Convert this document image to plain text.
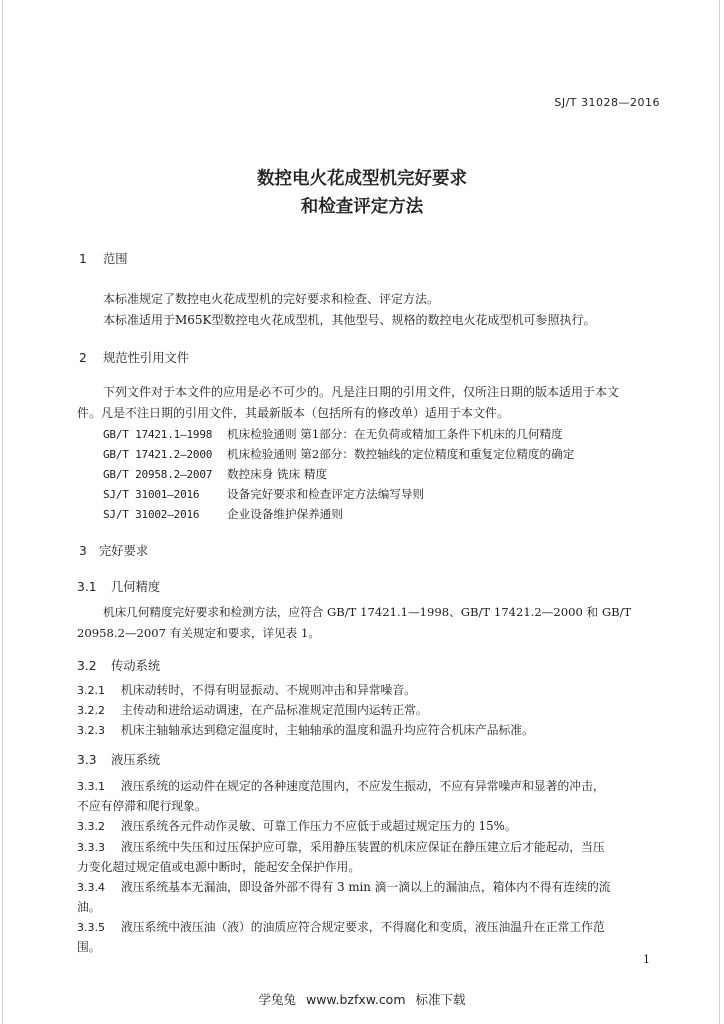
SJ/T 31028—2016
数控电火花成型机完好要求
和检查评定方法
1 范围
本标准规定了数控电火花成型机的完好要求和检查、评定方法。
本标准适用于M65K型数控电火花成型机，其他型号、规格的数控电火花成型机可参照执行。
2 规范性引用文件
下列文件对于本文件的应用是必不可少的。凡是注日期的引用文件，仅所注日期的版本适用于本文
件。凡是不注日期的引用文件，其最新版本（包括所有的修改单）适用于本文件。
GB/T 17421.1—1998 机床检验通则 第1部分：在无负荷或精加工条件下机床的几何精度
GB/T 17421.2—2000 机床检验通则 第2部分：数控轴线的定位精度和重复定位精度的确定
GB/T 20958.2—2007 数控床身 铣床 精度
SJ/T 31001—2016 设备完好要求和检查评定方法编写导则
SJ/T 31002—2016 企业设备维护保养通则
3 完好要求
3.1 几何精度
机床几何精度完好要求和检测方法，应符合 GB/T 17421.1—1998、GB/T 17421.2—2000 和 GB/T
20958.2—2007 有关规定和要求，详见表 1。
3.2 传动系统
3.2.1 机床动转时，不得有明显振动、不规则冲击和异常噪音。
3.2.2 主传动和进给运动调速，在产品标准规定范围内运转正常。
3.2.3 机床主轴轴承达到稳定温度时，主轴轴承的温度和温升均应符合机床产品标准。
3.3 液压系统
3.3.1 液压系统的运动件在规定的各种速度范围内，不应发生振动，不应有异常噪声和显著的冲击，
不应有停滞和爬行现象。
3.3.2 液压系统各元件动作灵敏、可靠工作压力不应低于或超过规定压力的 15%。
3.3.3 液压系统中失压和过压保护应可靠，采用静压装置的机床应保证在静压建立后才能起动，当压
力变化超过规定值或电源中断时，能起安全保护作用。
3.3.4 液压系统基本无漏油，即设备外部不得有 3 min 滴一滴以上的漏油点，箱体内不得有连续的流
油。
3.3.5 液压系统中液压油（液）的油质应符合规定要求，不得腐化和变质，液压油温升在正常工作范
围。
1
学兔兔 www.bzfxw.com 标准下载
